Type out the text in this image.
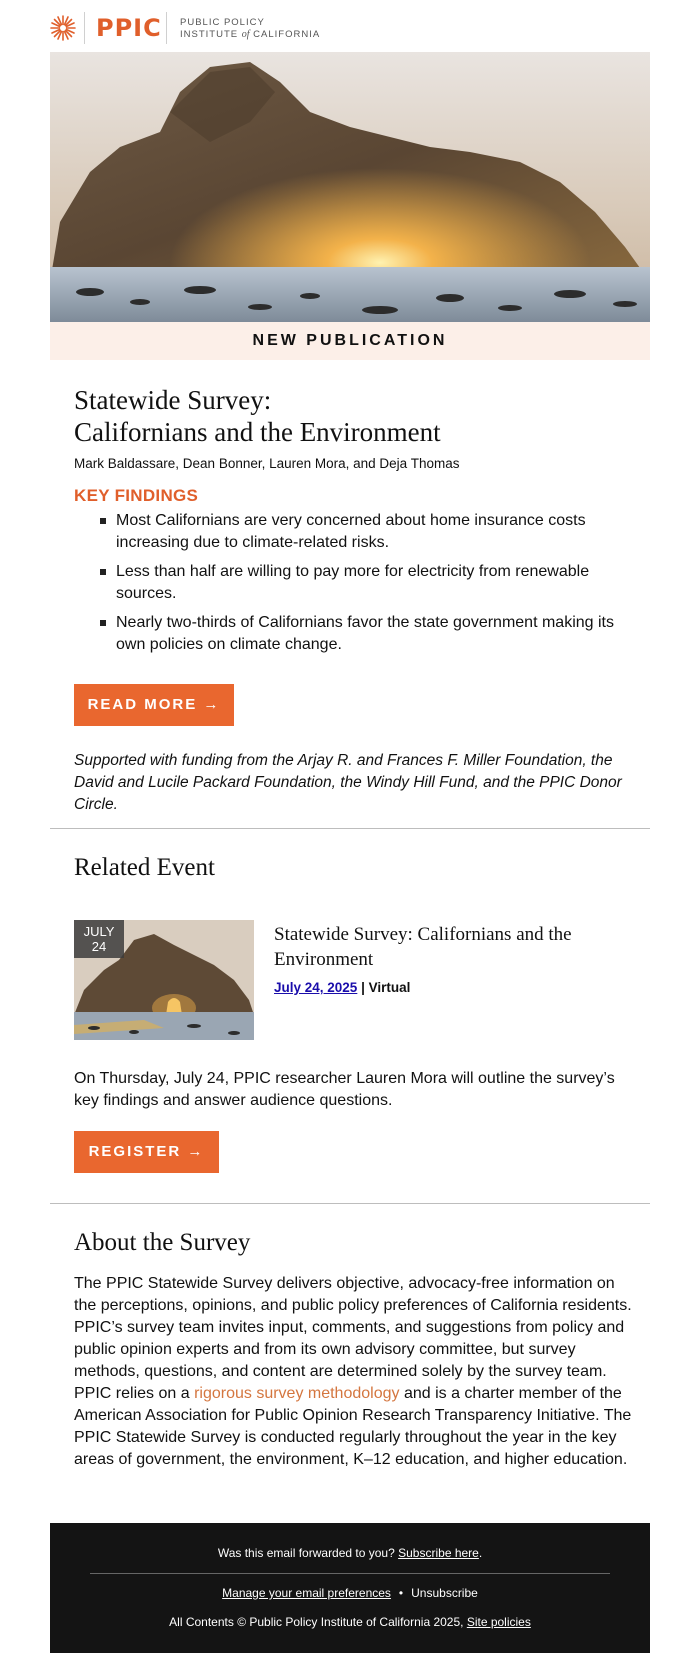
PPIC PUBLIC POLICY
INSTITUTE of CALIFORNIA
NEW PUBLICATION
Statewide Survey:
Californians and the Environment
Mark Baldassare, Dean Bonner, Lauren Mora, and Deja Thomas
KEY FINDINGS
Most Californians are very concerned about home insurance costs increasing due to climate-related risks.
Less than half are willing to pay more for electricity from renewable sources.
Nearly two-thirds of Californians favor the state government making its own policies on climate change.
READ MORE →
Supported with funding from the Arjay R. and Frances F. Miller Foundation, the David and Lucile Packard Foundation, the Windy Hill Fund, and the PPIC Donor Circle.
Related Event
JULY
24
Statewide Survey: Californians and the Environment
July 24, 2025 | Virtual
On Thursday, July 24, PPIC researcher Lauren Mora will outline the survey’s key findings and answer audience questions.
REGISTER →
About the Survey
The PPIC Statewide Survey delivers objective, advocacy-free information on the perceptions, opinions, and public policy preferences of California residents. PPIC’s survey team invites input, comments, and suggestions from policy and public opinion experts and from its own advisory committee, but survey methods, questions, and content are determined solely by the survey team. PPIC relies on a rigorous survey methodology and is a charter member of the American Association for Public Opinion Research Transparency Initiative. The PPIC Statewide Survey is conducted regularly throughout the year in the key areas of government, the environment, K–12 education, and higher education.
Was this email forwarded to you? Subscribe here.
Manage your email preferences • Unsubscribe
All Contents © Public Policy Institute of California 2025, Site policies
